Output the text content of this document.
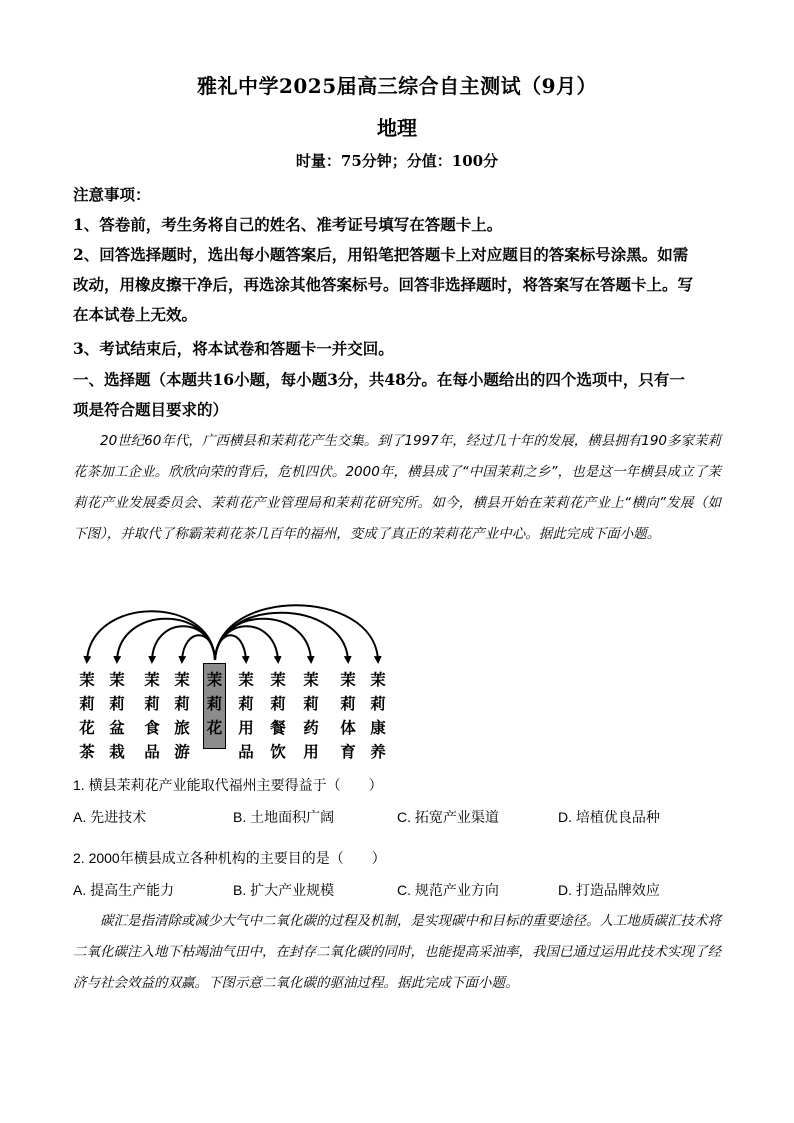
雅礼中学2025届高三综合自主测试（9月）
地理
时量：75分钟；分值：100分
注意事项：
1、答卷前，考生务将自己的姓名、准考证号填写在答题卡上。
2、回答选择题时，选出每小题答案后，用铅笔把答题卡上对应题目的答案标号涂黑。如需
改动，用橡皮擦干净后，再选涂其他答案标号。回答非选择题时，将答案写在答题卡上。写
在本试卷上无效。
3、考试结束后，将本试卷和答题卡一并交回。
一、选择题（本题共16小题，每小题3分，共48分。在每小题给出的四个选项中，只有一
项是符合题目要求的）
20世纪60年代，广西横县和茉莉花产生交集。到了1997年，经过几十年的发展，横县拥有190多家茉莉花茶加工企业。欣欣向荣的背后，危机四伏。2000年，横县成了“中国茉莉之乡”，也是这一年横县成立了茉莉花产业发展委员会、茉莉花产业管理局和茉莉花研究所。如今，横县开始在茉莉花产业上“横向”发展（如下图），并取代了称霸茉莉花茶几百年的福州，变成了真正的茉莉花产业中心。据此完成下面小题。
茉
莉
花
茉
莉
花
茶
茉
莉
盆
栽
茉
莉
食
品
茉
莉
旅
游
茉
莉
用
品
茉
莉
餐
饮
茉
莉
药
用
茉
莉
体
育
茉
莉
康
养
1. 横县茉莉花产业能取代福州主要得益于（　　）
A. 先进技术	B. 土地面积广阔	C. 拓宽产业渠道	D. 培植优良品种
2. 2000年横县成立各种机构的主要目的是（　　）
A. 提高生产能力	B. 扩大产业规模	C. 规范产业方向	D. 打造品牌效应
碳汇是指清除或减少大气中二氧化碳的过程及机制，是实现碳中和目标的重要途径。人工地质碳汇技术将二氧化碳注入地下枯竭油气田中，在封存二氧化碳的同时，也能提高采油率，我国已通过运用此技术实现了经济与社会效益的双赢。下图示意二氧化碳的驱油过程。据此完成下面小题。
